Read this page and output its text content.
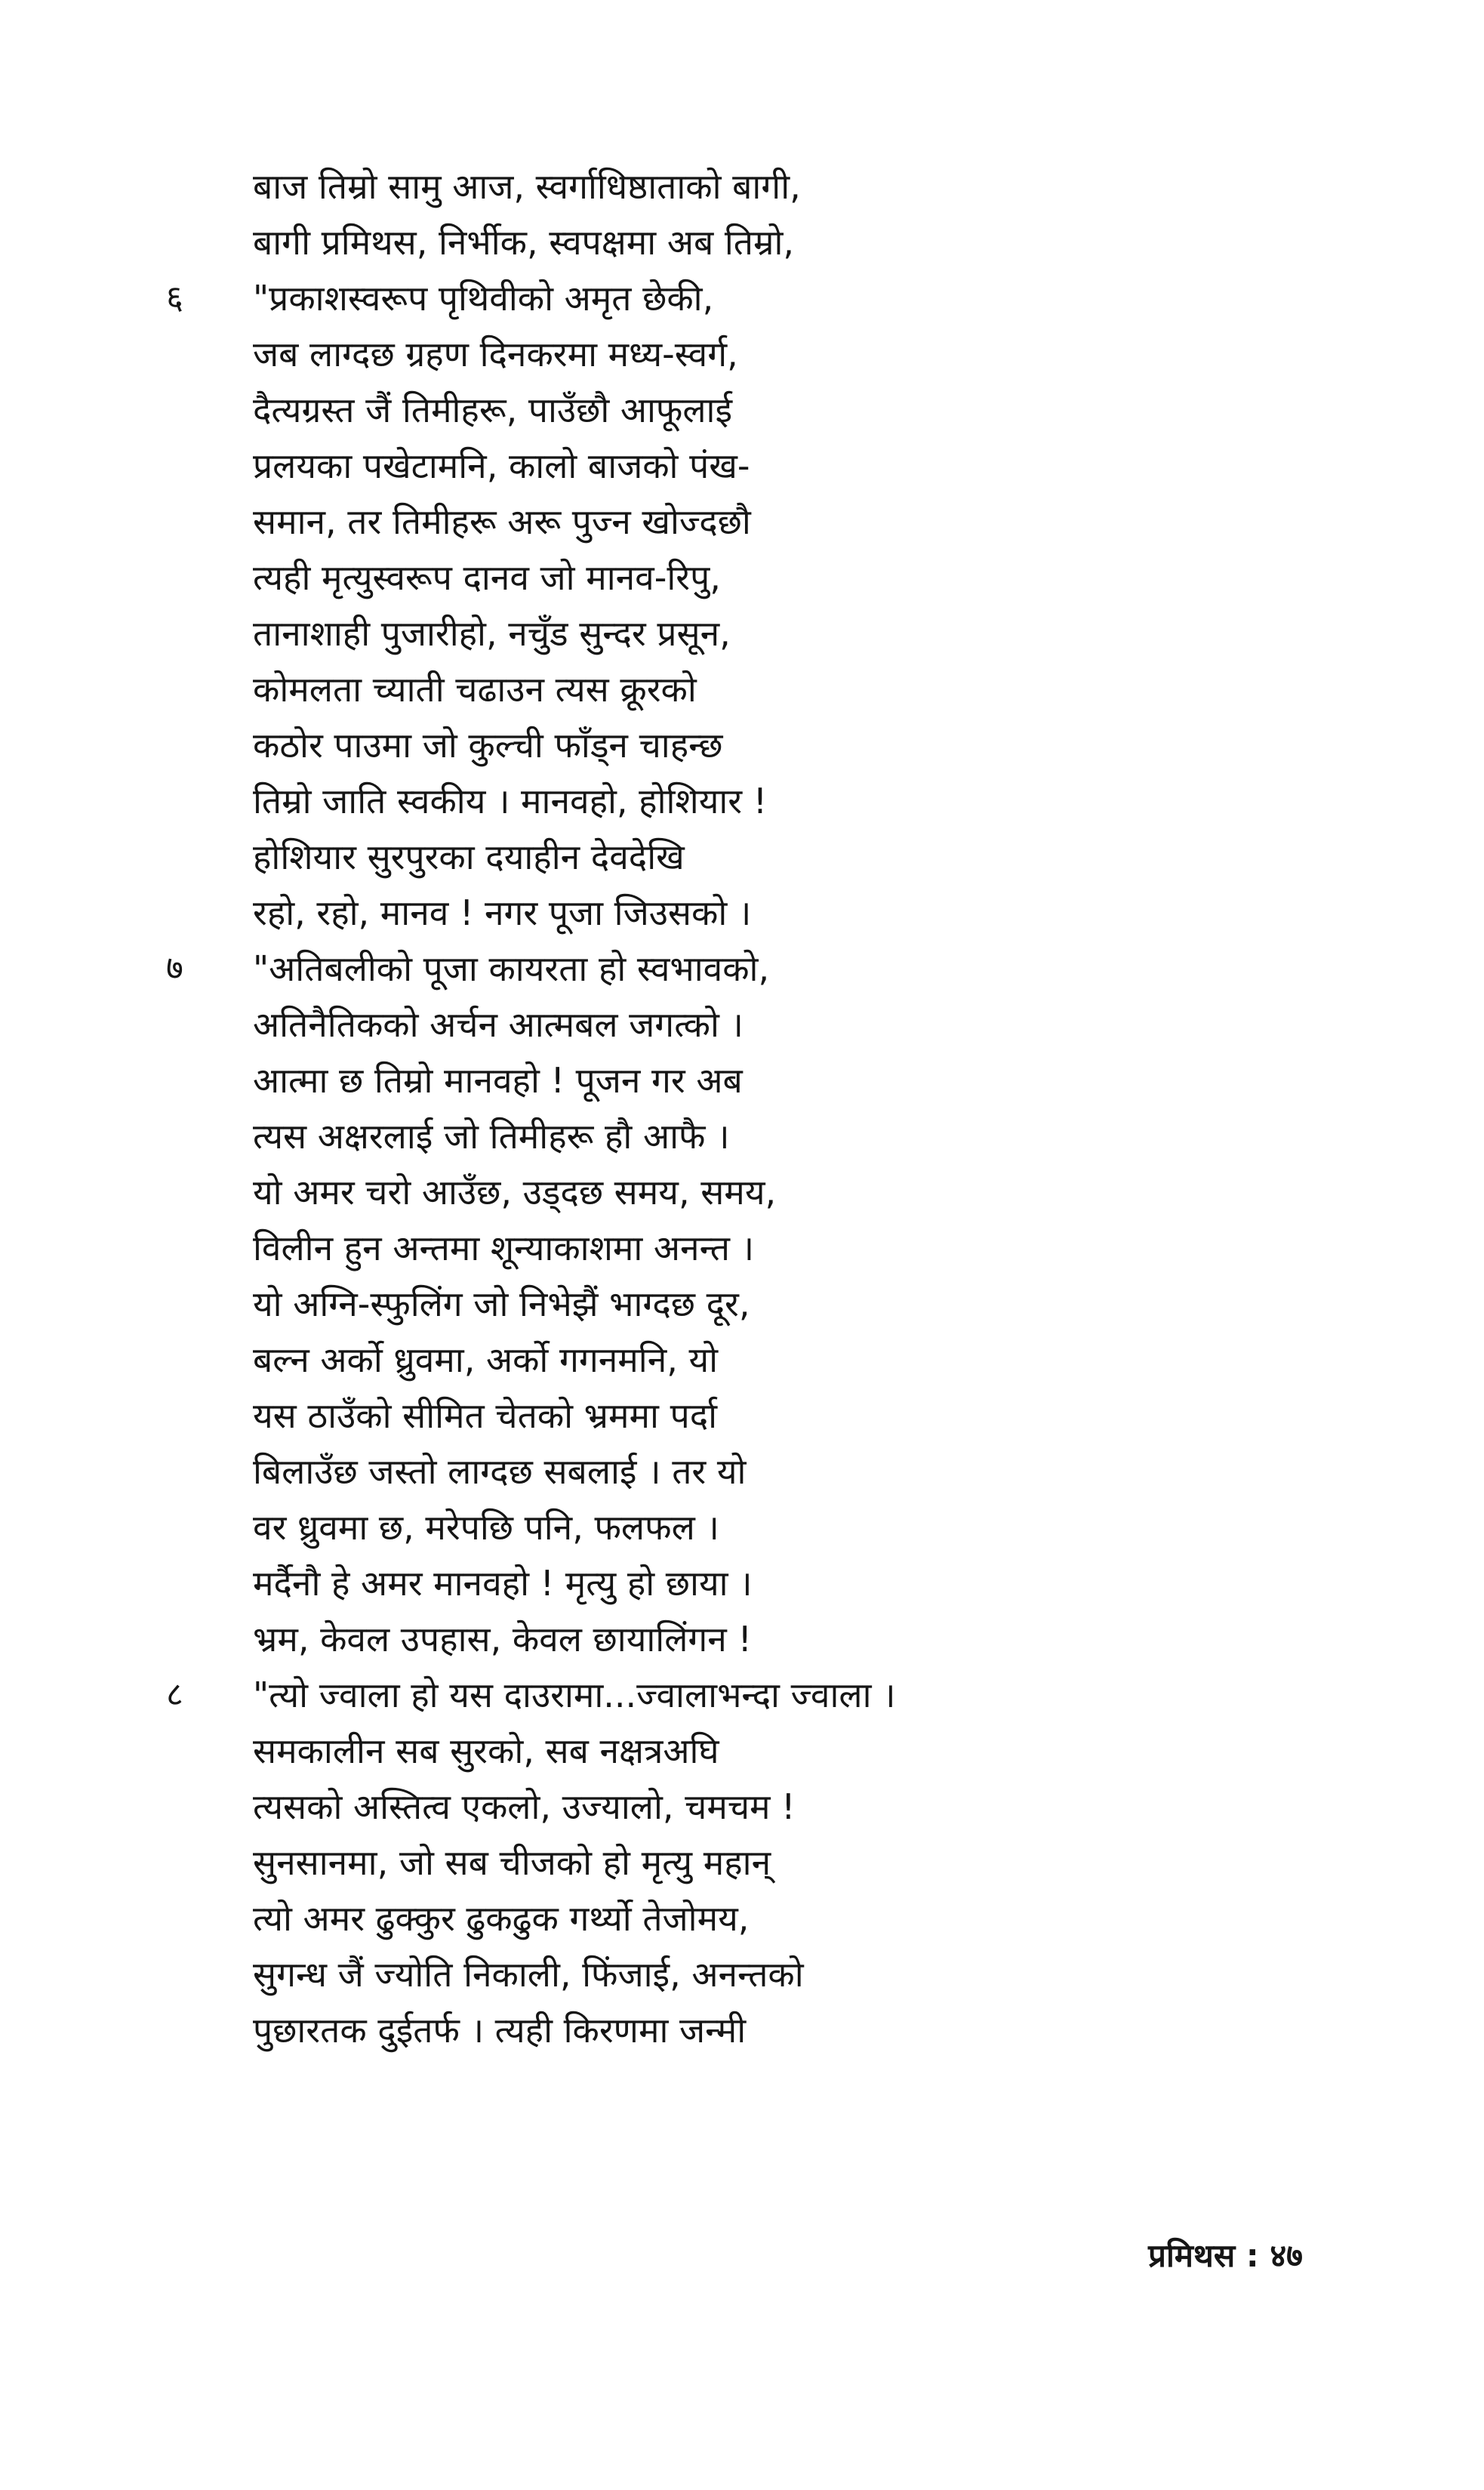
बाज तिम्रो सामु आज, स्वर्गाधिष्ठाताको बागी,
बागी प्रमिथस, निर्भीक, स्वपक्षमा अब तिम्रो,
६	"प्रकाशस्वरूप पृथिवीको अमृत छेकी,
जब लाग्दछ ग्रहण दिनकरमा मध्य-स्वर्ग,
दैत्यग्रस्त जैं तिमीहरू, पाउँछौ आफूलाई
प्रलयका पखेटामनि, कालो बाजको पंख-
समान, तर तिमीहरू अरू पुज्न खोज्दछौ
त्यही मृत्युस्वरूप दानव जो मानव-रिपु,
तानाशाही पुजारीहो, नचुँड सुन्दर प्रसून,
कोमलता च्याती चढाउन त्यस क्रूरको
कठोर पाउमा जो कुल्ची फाँड्न चाहन्छ
तिम्रो जाति स्वकीय । मानवहो, होशियार !
होशियार सुरपुरका दयाहीन देवदेखि
रहो, रहो, मानव ! नगर पूजा जिउसको ।
७	"अतिबलीको पूजा कायरता हो स्वभावको,
अतिनैतिकको अर्चन आत्मबल जगत्को ।
आत्मा छ तिम्रो मानवहो ! पूजन गर अब
त्यस अक्षरलाई जो तिमीहरू हौ आफै ।
यो अमर चरो आउँछ, उड्दछ समय, समय,
विलीन हुन अन्तमा शून्याकाशमा अनन्त ।
यो अग्नि-स्फुलिंग जो निभेझैं भाग्दछ दूर,
बल्न अर्को ध्रुवमा, अर्को गगनमनि, यो
यस ठाउँको सीमित चेतको भ्रममा पर्दा
बिलाउँछ जस्तो लाग्दछ सबलाई । तर यो
वर ध्रुवमा छ, मरेपछि पनि, फलफल ।
मर्दैनौ हे अमर मानवहो ! मृत्यु हो छाया ।
भ्रम, केवल उपहास, केवल छायालिंगन !
८	"त्यो ज्वाला हो यस दाउरामा...ज्वालाभन्दा ज्वाला ।
समकालीन सब सुरको, सब नक्षत्रअघि
त्यसको अस्तित्व एकलो, उज्यालो, चमचम !
सुनसानमा, जो सब चीजको हो मृत्यु महान्
त्यो अमर ढुक्कुर ढुकढुक गर्थ्यो तेजोमय,
सुगन्ध जैं ज्योति निकाली, फिंजाई, अनन्तको
पुछारतक दुईतर्फ । त्यही किरणमा जन्मी
प्रमिथस : ४७
